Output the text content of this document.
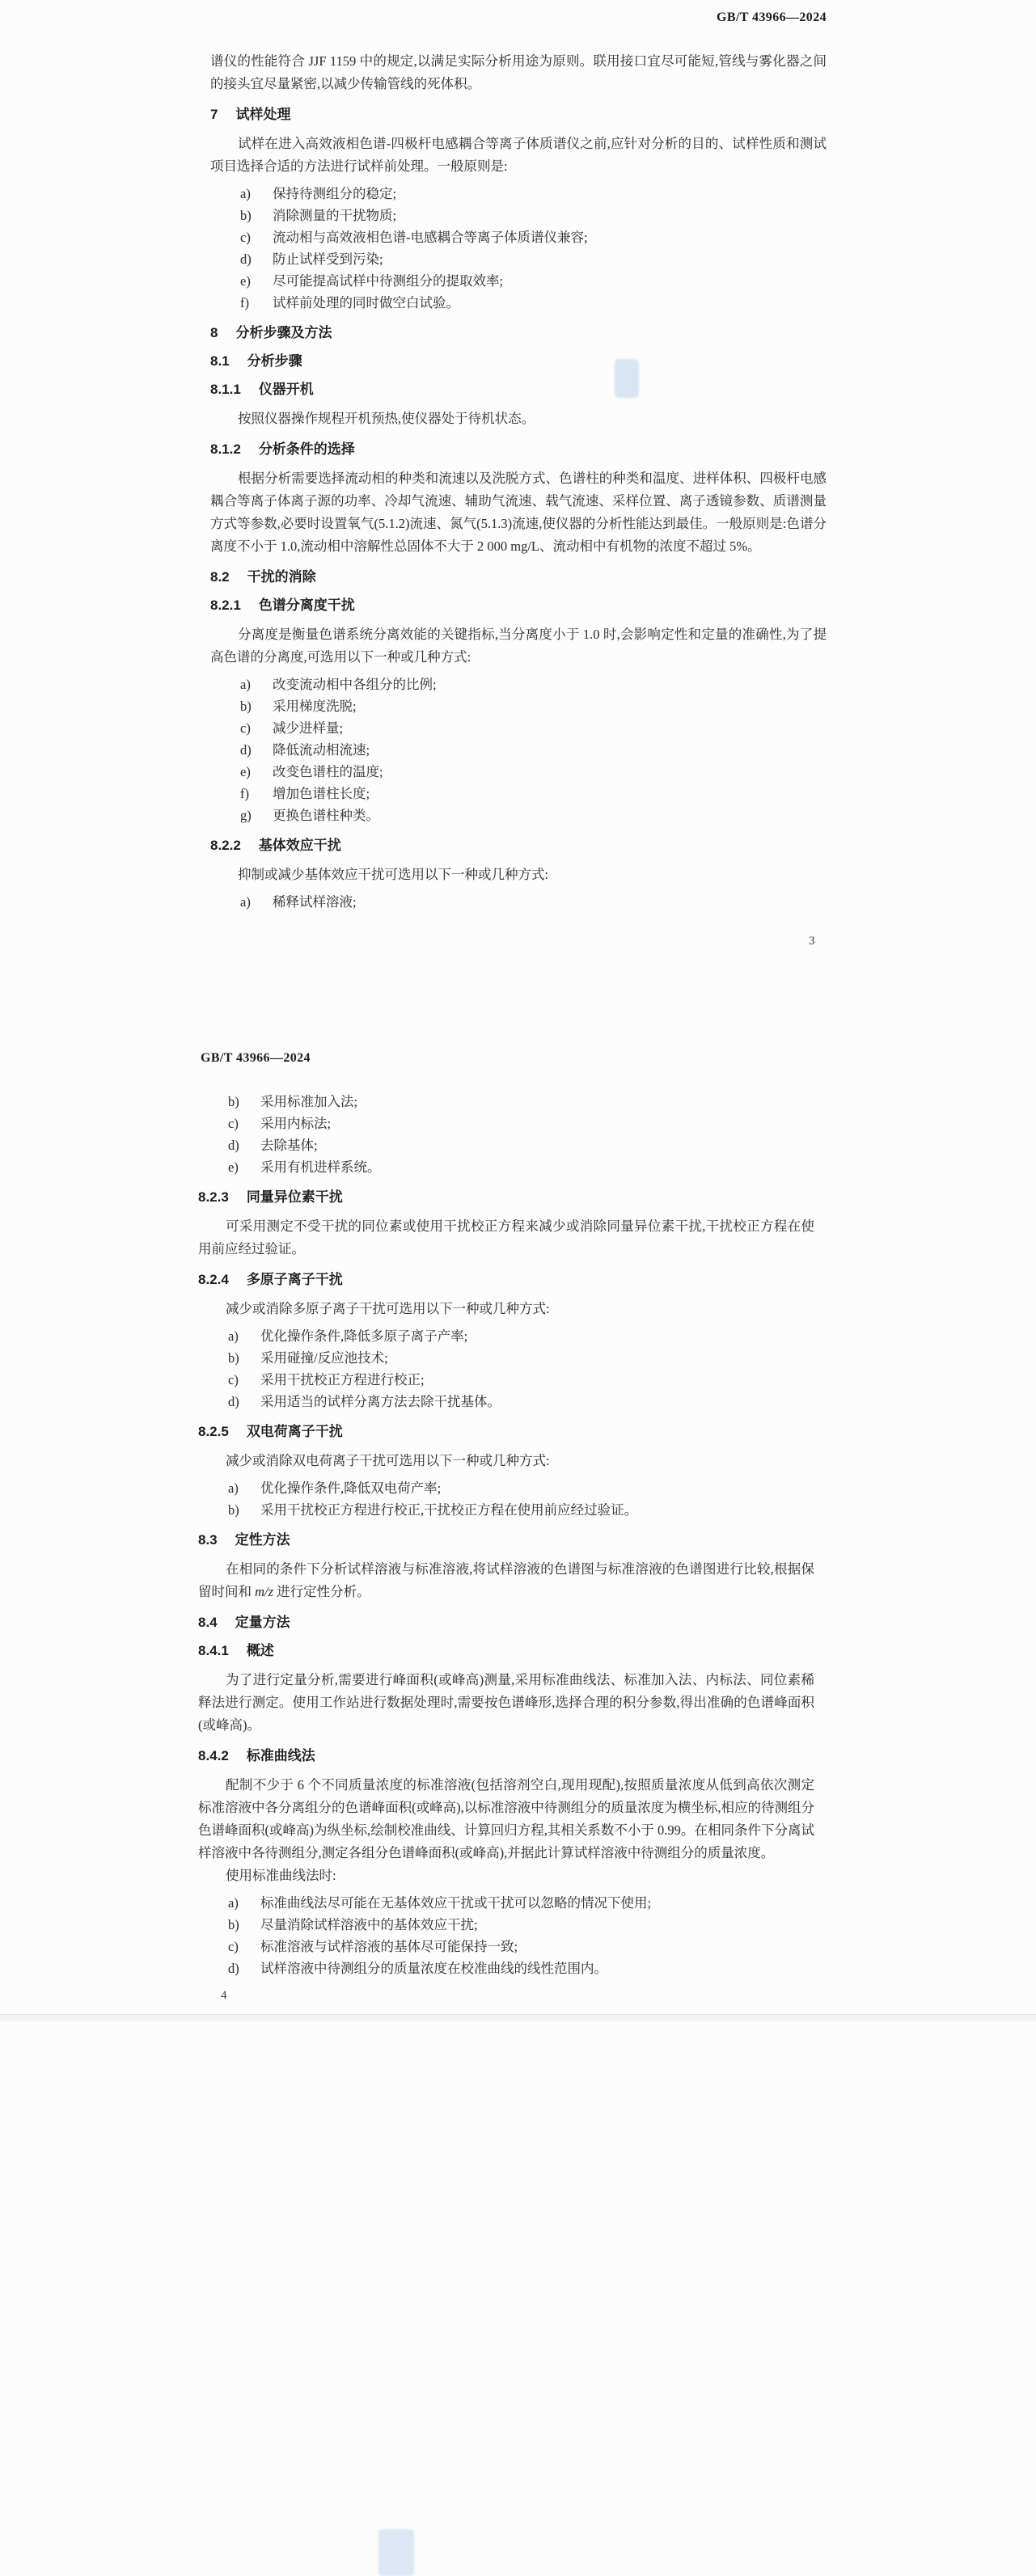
GB/T 43966—2024
谱仪的性能符合 JJF 1159 中的规定,以满足实际分析用途为原则。联用接口宜尽可能短,管线与雾化器之间的接头宜尽量紧密,以减少传输管线的死体积。
7 试样处理
试样在进入高效液相色谱-四极杆电感耦合等离子体质谱仪之前,应针对分析的目的、试样性质和测试项目选择合适的方法进行试样前处理。一般原则是:
a)	保持待测组分的稳定;
b)	消除测量的干扰物质;
c)	流动相与高效液相色谱-电感耦合等离子体质谱仪兼容;
d)	防止试样受到污染;
e)	尽可能提高试样中待测组分的提取效率;
f)	试样前处理的同时做空白试验。
8 分析步骤及方法
8.1 分析步骤
8.1.1 仪器开机
按照仪器操作规程开机预热,使仪器处于待机状态。
8.1.2 分析条件的选择
根据分析需要选择流动相的种类和流速以及洗脱方式、色谱柱的种类和温度、进样体积、四极杆电感耦合等离子体离子源的功率、冷却气流速、辅助气流速、载气流速、采样位置、离子透镜参数、质谱测量方式等参数,必要时设置氧气(5.1.2)流速、氮气(5.1.3)流速,使仪器的分析性能达到最佳。一般原则是:色谱分离度不小于 1.0,流动相中溶解性总固体不大于 2 000 mg/L、流动相中有机物的浓度不超过 5%。
8.2 干扰的消除
8.2.1 色谱分离度干扰
分离度是衡量色谱系统分离效能的关键指标,当分离度小于 1.0 时,会影响定性和定量的准确性,为了提高色谱的分离度,可选用以下一种或几种方式:
a)	改变流动相中各组分的比例;
b)	采用梯度洗脱;
c)	减少进样量;
d)	降低流动相流速;
e)	改变色谱柱的温度;
f)	增加色谱柱长度;
g)	更换色谱柱种类。
8.2.2 基体效应干扰
抑制或减少基体效应干扰可选用以下一种或几种方式:
a)	稀释试样溶液;
3
GB/T 43966—2024
b)	采用标准加入法;
c)	采用内标法;
d)	去除基体;
e)	采用有机进样系统。
8.2.3 同量异位素干扰
可采用测定不受干扰的同位素或使用干扰校正方程来减少或消除同量异位素干扰,干扰校正方程在使用前应经过验证。
8.2.4 多原子离子干扰
减少或消除多原子离子干扰可选用以下一种或几种方式:
a)	优化操作条件,降低多原子离子产率;
b)	采用碰撞/反应池技术;
c)	采用干扰校正方程进行校正;
d)	采用适当的试样分离方法去除干扰基体。
8.2.5 双电荷离子干扰
减少或消除双电荷离子干扰可选用以下一种或几种方式:
a)	优化操作条件,降低双电荷产率;
b)	采用干扰校正方程进行校正,干扰校正方程在使用前应经过验证。
8.3 定性方法
在相同的条件下分析试样溶液与标准溶液,将试样溶液的色谱图与标准溶液的色谱图进行比较,根据保留时间和 m/z 进行定性分析。
8.4 定量方法
8.4.1 概述
为了进行定量分析,需要进行峰面积(或峰高)测量,采用标准曲线法、标准加入法、内标法、同位素稀释法进行测定。使用工作站进行数据处理时,需要按色谱峰形,选择合理的积分参数,得出准确的色谱峰面积(或峰高)。
8.4.2 标准曲线法
配制不少于 6 个不同质量浓度的标准溶液(包括溶剂空白,现用现配),按照质量浓度从低到高依次测定标准溶液中各分离组分的色谱峰面积(或峰高),以标准溶液中待测组分的质量浓度为横坐标,相应的待测组分色谱峰面积(或峰高)为纵坐标,绘制校准曲线、计算回归方程,其相关系数不小于 0.99。在相同条件下分离试样溶液中各待测组分,测定各组分色谱峰面积(或峰高),并据此计算试样溶液中待测组分的质量浓度。
使用标准曲线法时:
a)	标准曲线法尽可能在无基体效应干扰或干扰可以忽略的情况下使用;
b)	尽量消除试样溶液中的基体效应干扰;
c)	标准溶液与试样溶液的基体尽可能保持一致;
d)	试样溶液中待测组分的质量浓度在校准曲线的线性范围内。
4
